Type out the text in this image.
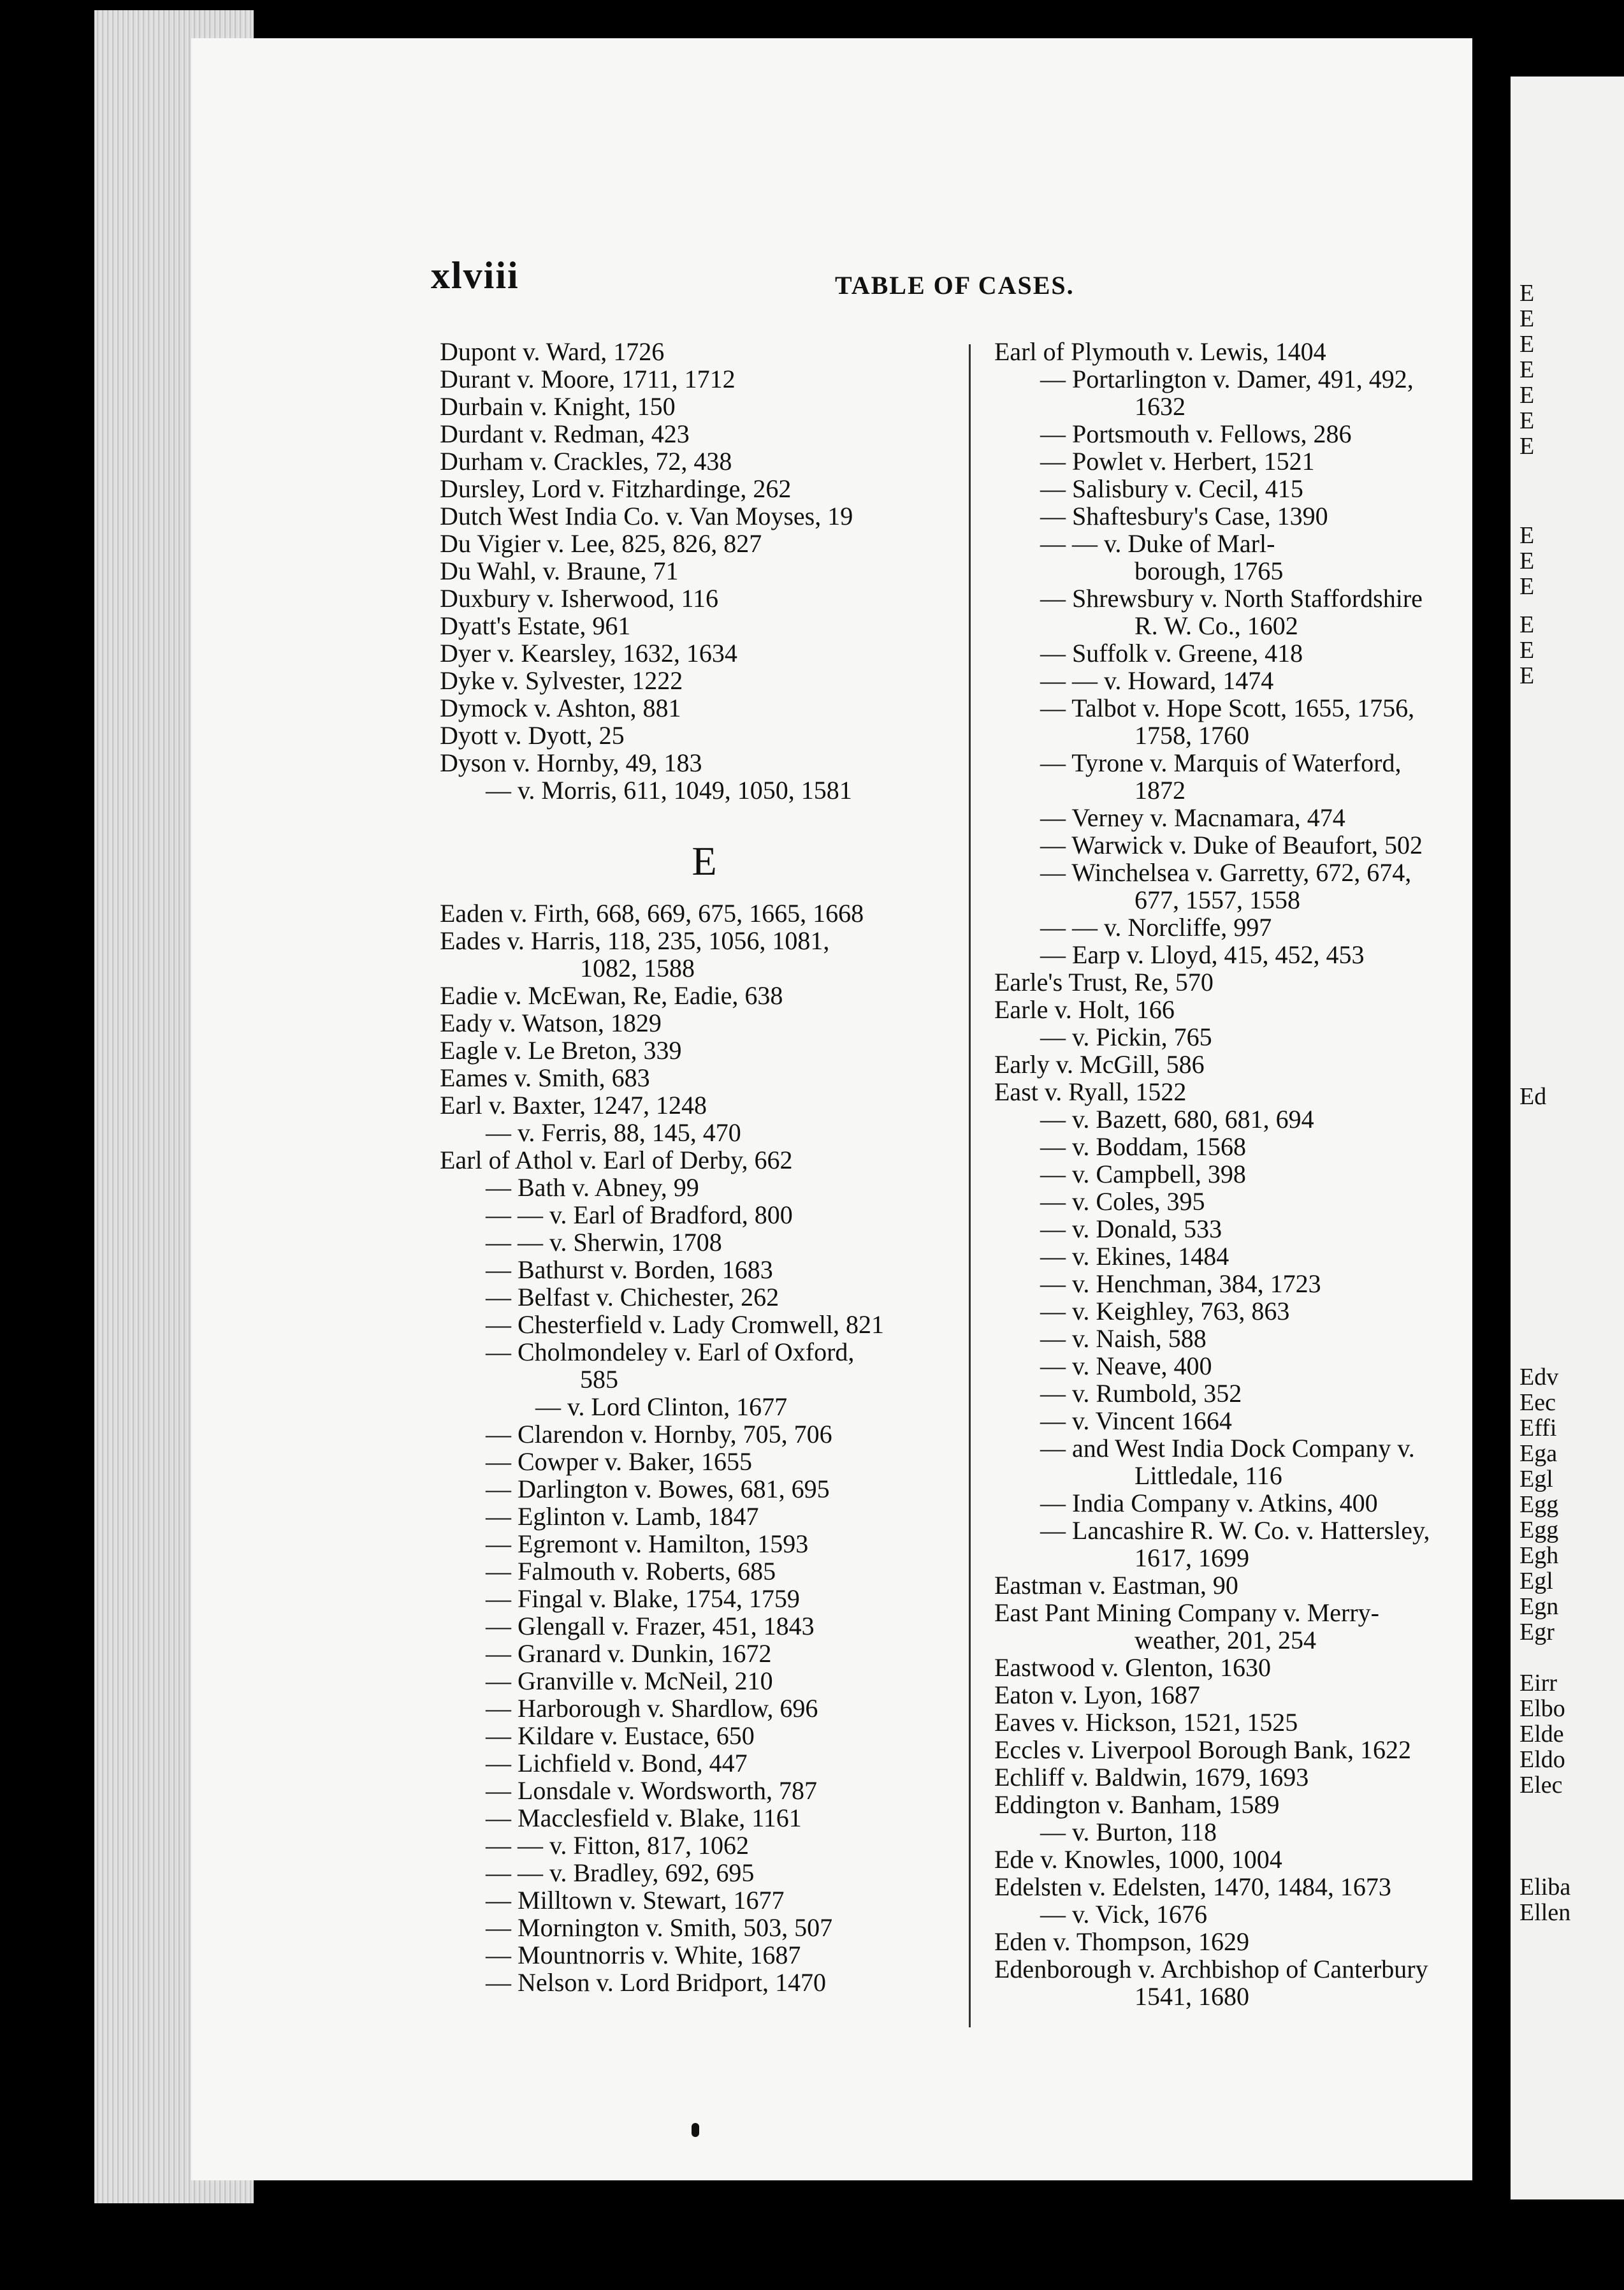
E
E
E
E
E
E
E
E
E
E
E
E
E
Ed
Edv
Eec
Effi
Ega
Egl
Egg
Egg
Egh
Egl
Egn
Egr
Eirr
Elbo
Elde
Eldo
Elec
Eliba
Ellen
xlviii	TABLE OF CASES.
Dupont v. Ward, 1726
Durant v. Moore, 1711, 1712
Durbain v. Knight, 150
Durdant v. Redman, 423
Durham v. Crackles, 72, 438
Dursley, Lord v. Fitzhardinge, 262
Dutch West India Co. v. Van Moyses, 19
Du Vigier v. Lee, 825, 826, 827
Du Wahl, v. Braune, 71
Duxbury v. Isherwood, 116
Dyatt's Estate, 961
Dyer v. Kearsley, 1632, 1634
Dyke v. Sylvester, 1222
Dymock v. Ashton, 881
Dyott v. Dyott, 25
Dyson v. Hornby, 49, 183
— v. Morris, 611, 1049, 1050, 1581
E
Eaden v. Firth, 668, 669, 675, 1665, 1668
Eades v. Harris, 118, 235, 1056, 1081,
1082, 1588
Eadie v. McEwan, Re, Eadie, 638
Eady v. Watson, 1829
Eagle v. Le Breton, 339
Eames v. Smith, 683
Earl v. Baxter, 1247, 1248
— v. Ferris, 88, 145, 470
Earl of Athol v. Earl of Derby, 662
— Bath v. Abney, 99
— — v. Earl of Bradford, 800
— — v. Sherwin, 1708
— Bathurst v. Borden, 1683
— Belfast v. Chichester, 262
— Chesterfield v. Lady Cromwell, 821
— Cholmondeley v. Earl of Oxford,
585
— v. Lord Clinton, 1677
— Clarendon v. Hornby, 705, 706
— Cowper v. Baker, 1655
— Darlington v. Bowes, 681, 695
— Eglinton v. Lamb, 1847
— Egremont v. Hamilton, 1593
— Falmouth v. Roberts, 685
— Fingal v. Blake, 1754, 1759
— Glengall v. Frazer, 451, 1843
— Granard v. Dunkin, 1672
— Granville v. McNeil, 210
— Harborough v. Shardlow, 696
— Kildare v. Eustace, 650
— Lichfield v. Bond, 447
— Lonsdale v. Wordsworth, 787
— Macclesfield v. Blake, 1161
— — v. Fitton, 817, 1062
— — v. Bradley, 692, 695
— Milltown v. Stewart, 1677
— Mornington v. Smith, 503, 507
— Mountnorris v. White, 1687
— Nelson v. Lord Bridport, 1470
Earl of Plymouth v. Lewis, 1404
— Portarlington v. Damer, 491, 492,
1632
— Portsmouth v. Fellows, 286
— Powlet v. Herbert, 1521
— Salisbury v. Cecil, 415
— Shaftesbury's Case, 1390
— — v. Duke of Marl-
borough, 1765
— Shrewsbury v. North Staffordshire
R. W. Co., 1602
— Suffolk v. Greene, 418
— — v. Howard, 1474
— Talbot v. Hope Scott, 1655, 1756,
1758, 1760
— Tyrone v. Marquis of Waterford,
1872
— Verney v. Macnamara, 474
— Warwick v. Duke of Beaufort, 502
— Winchelsea v. Garretty, 672, 674,
677, 1557, 1558
— — v. Norcliffe, 997
— Earp v. Lloyd, 415, 452, 453
Earle's Trust, Re, 570
Earle v. Holt, 166
— v. Pickin, 765
Early v. McGill, 586
East v. Ryall, 1522
— v. Bazett, 680, 681, 694
— v. Boddam, 1568
— v. Campbell, 398
— v. Coles, 395
— v. Donald, 533
— v. Ekines, 1484
— v. Henchman, 384, 1723
— v. Keighley, 763, 863
— v. Naish, 588
— v. Neave, 400
— v. Rumbold, 352
— v. Vincent 1664
— and West India Dock Company v.
Littledale, 116
— India Company v. Atkins, 400
— Lancashire R. W. Co. v. Hattersley,
1617, 1699
Eastman v. Eastman, 90
East Pant Mining Company v. Merry-
weather, 201, 254
Eastwood v. Glenton, 1630
Eaton v. Lyon, 1687
Eaves v. Hickson, 1521, 1525
Eccles v. Liverpool Borough Bank, 1622
Echliff v. Baldwin, 1679, 1693
Eddington v. Banham, 1589
— v. Burton, 118
Ede v. Knowles, 1000, 1004
Edelsten v. Edelsten, 1470, 1484, 1673
— v. Vick, 1676
Eden v. Thompson, 1629
Edenborough v. Archbishop of Canterbury
1541, 1680
